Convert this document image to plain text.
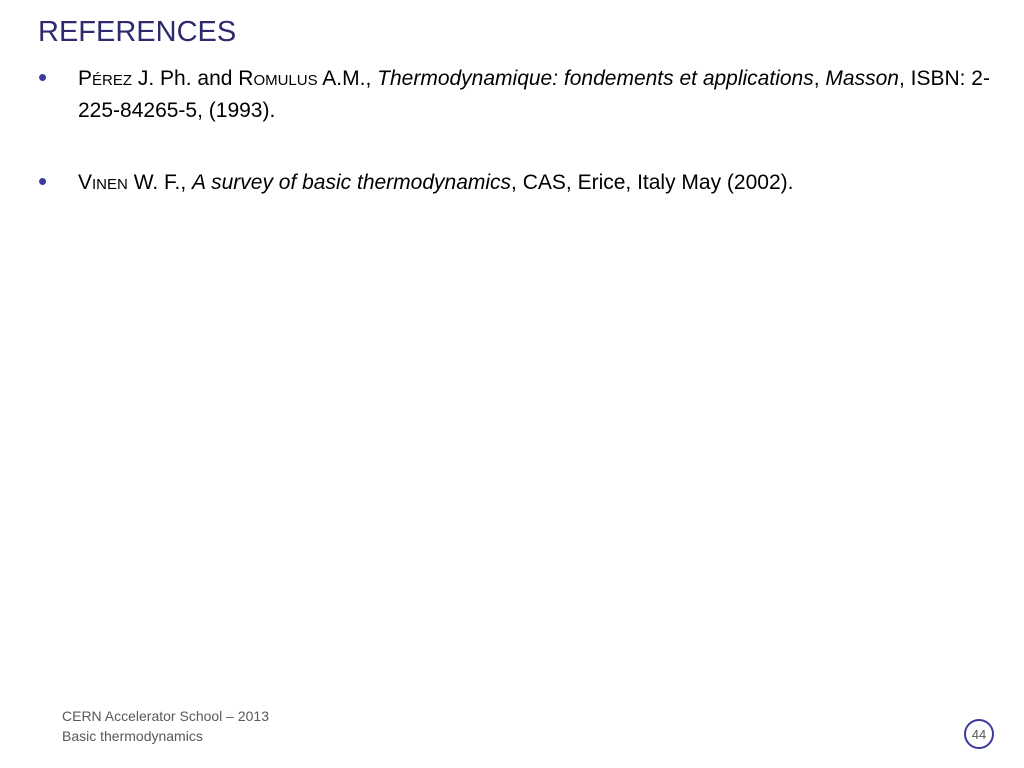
REFERENCES
• PÉREZ J. Ph. and ROMULUS A.M., Thermodynamique: fondements et applications, Masson, ISBN: 2-225-84265-5, (1993).
• VINEN W. F., A survey of basic thermodynamics, CAS, Erice, Italy May (2002).
CERN Accelerator School – 2013
Basic thermodynamics	44
